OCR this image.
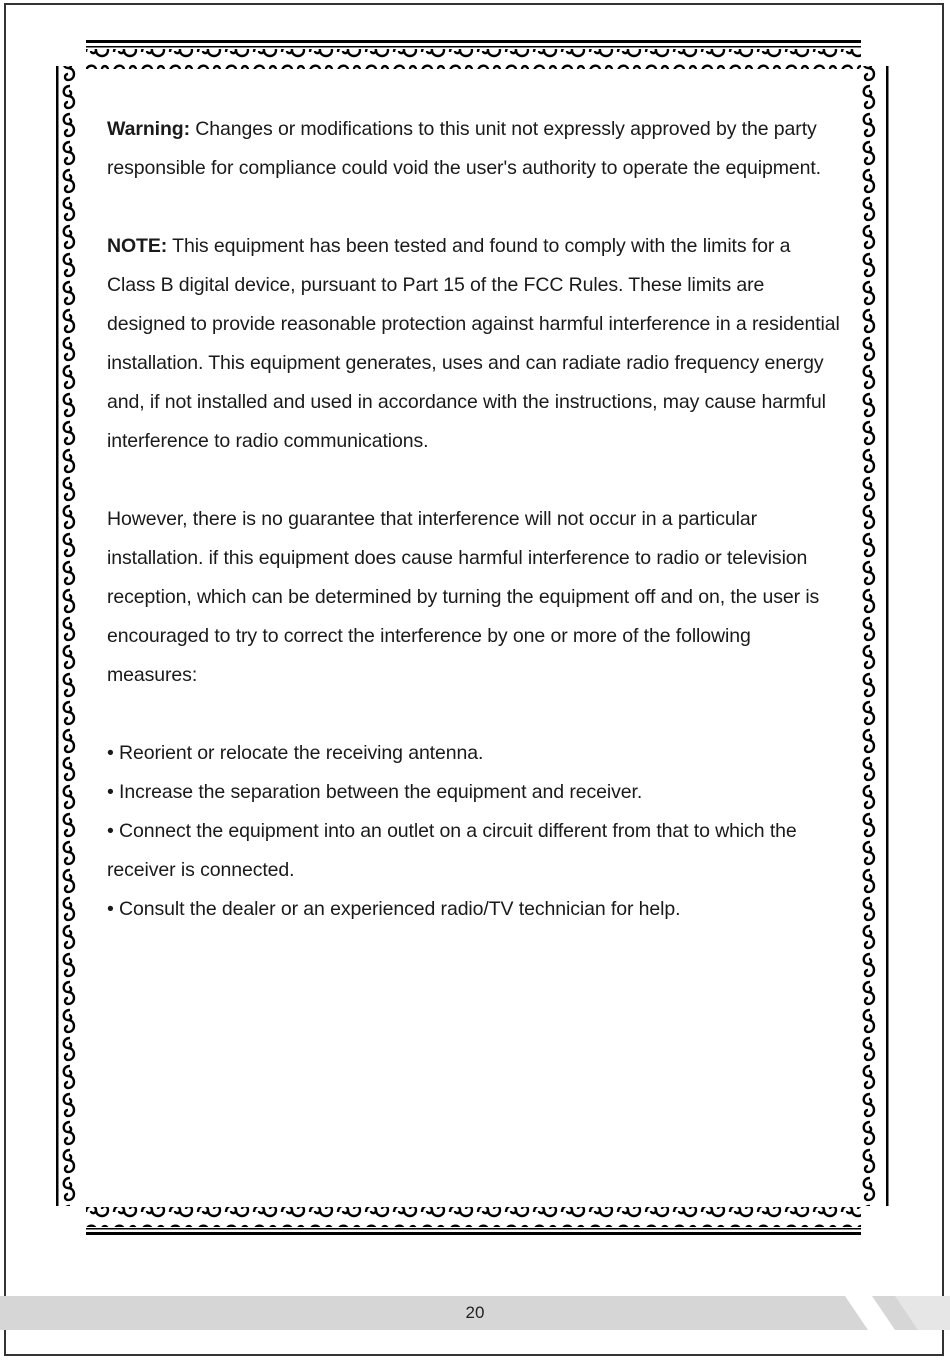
Warning: Changes or modifications to this unit not expressly approved by the party responsible for compliance could void the user's authority to operate the equipment.

NOTE: This equipment has been tested and found to comply with the limits for a Class B digital device, pursuant to Part 15 of the FCC Rules. These limits are designed to provide reasonable protection against harmful interference in a residential installation. This equipment generates, uses and can radiate radio frequency energy and, if not installed and used in accordance with the instructions, may cause harmful interference to radio communications.

However, there is no guarantee that interference will not occur in a particular installation. if this equipment does cause harmful interference to radio or television reception, which can be determined by turning the equipment off and on, the user is encouraged to try to correct the interference by one or more of the following measures:

• Reorient or relocate the receiving antenna.

• Increase the separation between the equipment and receiver.

• Connect the equipment into an outlet on a circuit different from that to which the receiver is connected.

• Consult the dealer or an experienced radio/TV technician for help.

20
